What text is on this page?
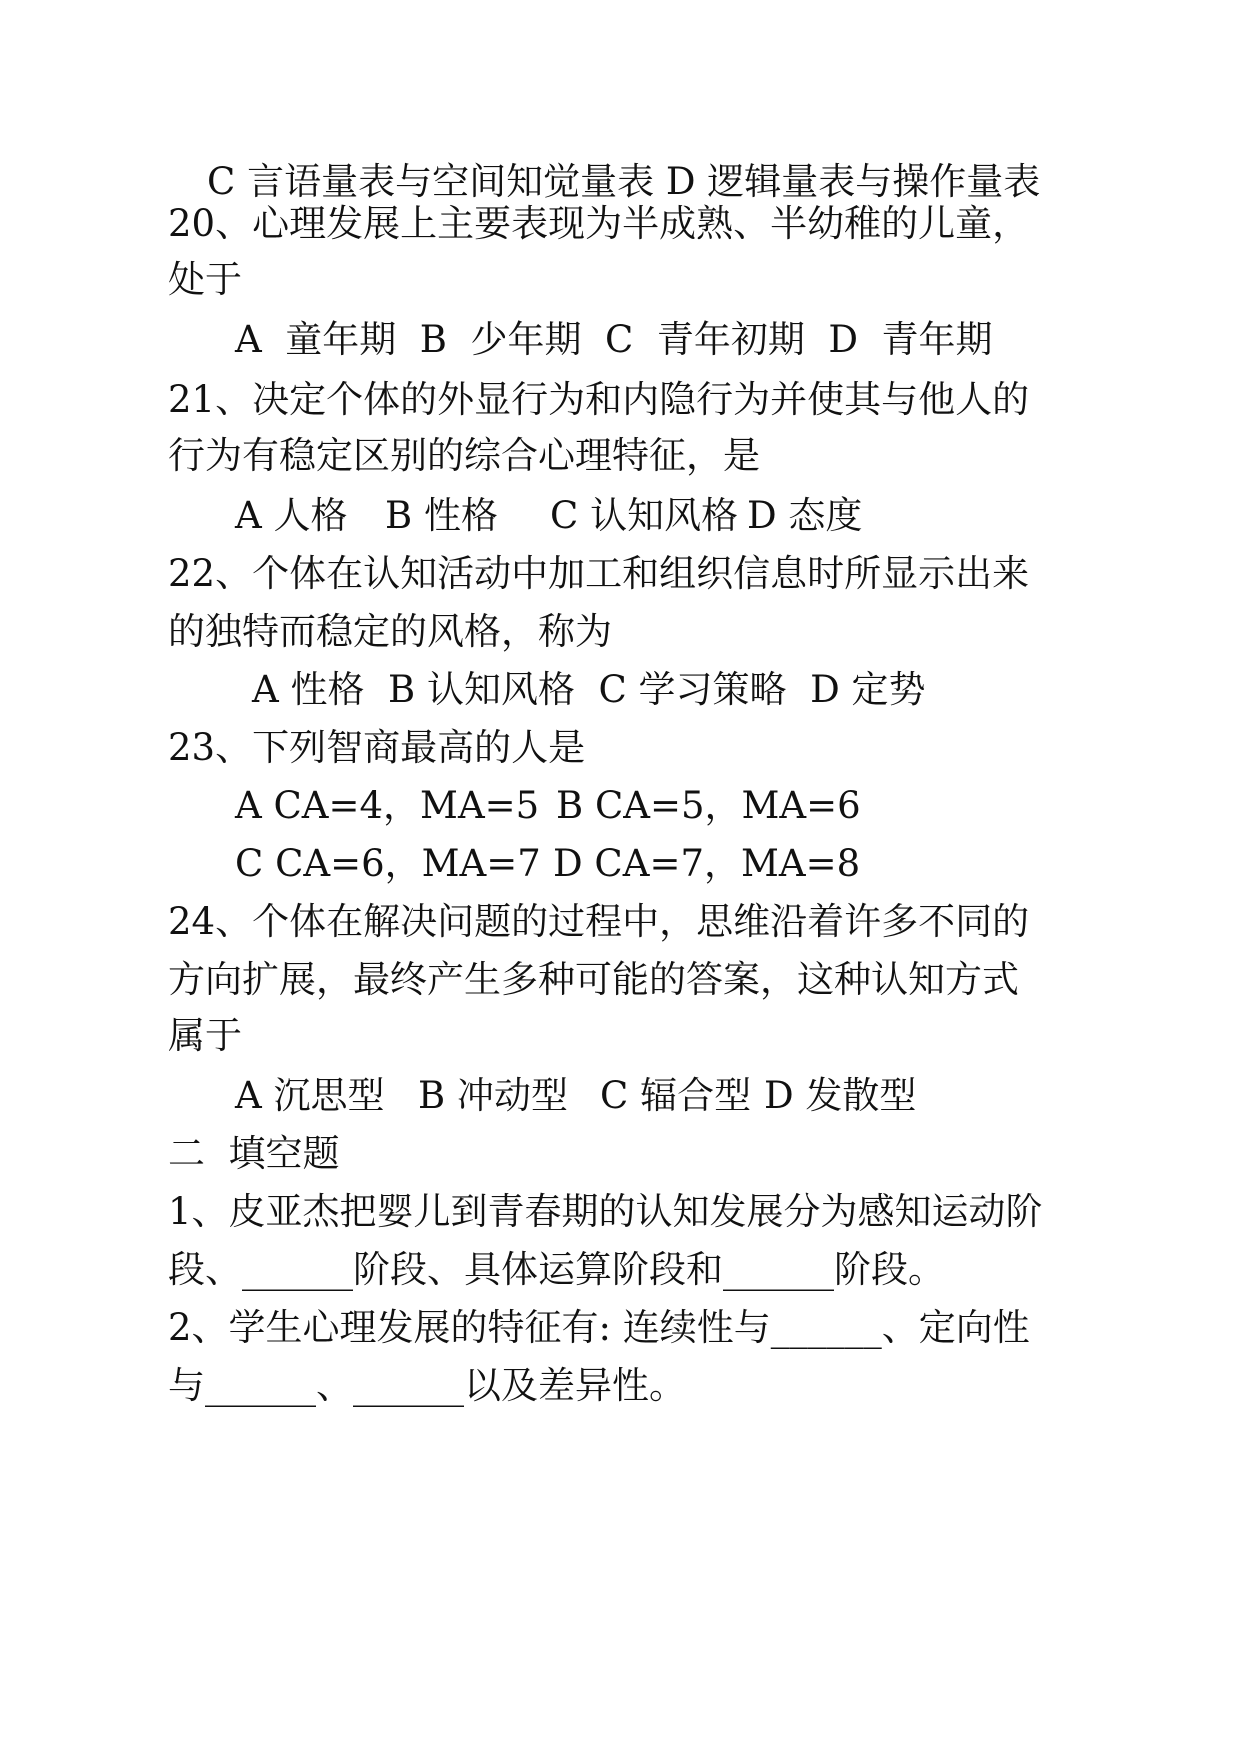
C 言语量表与空间知觉量表 D 逻辑量表与操作量表
20、心理发展上主要表现为半成熟、半幼稚的儿童，
处于
A  童年期  B  少年期  C  青年初期  D  青年期
21、决定个体的外显行为和内隐行为并使其与他人的
行为有稳定区别的综合心理特征，是
A 人格 B 性格 C 认知风格 D 态度
22、个体在认知活动中加工和组织信息时所显示出来
的独特而稳定的风格，称为
A 性格  B 认知风格  C 学习策略  D 定势
23、下列智商最高的人是
A CA=4，MA=5 B CA=5，MA=6
C CA=6，MA=7 D CA=7，MA=8
24、个体在解决问题的过程中，思维沿着许多不同的
方向扩展，最终产生多种可能的答案，这种认知方式
属于
A 沉思型 B 冲动型 C 辐合型 D 发散型
二  填空题
1、皮亚杰把婴儿到青春期的认知发展分为感知运动阶
段、______阶段、具体运算阶段和______阶段。
2、学生心理发展的特征有: 连续性与______、定向性
与______、______以及差异性。
